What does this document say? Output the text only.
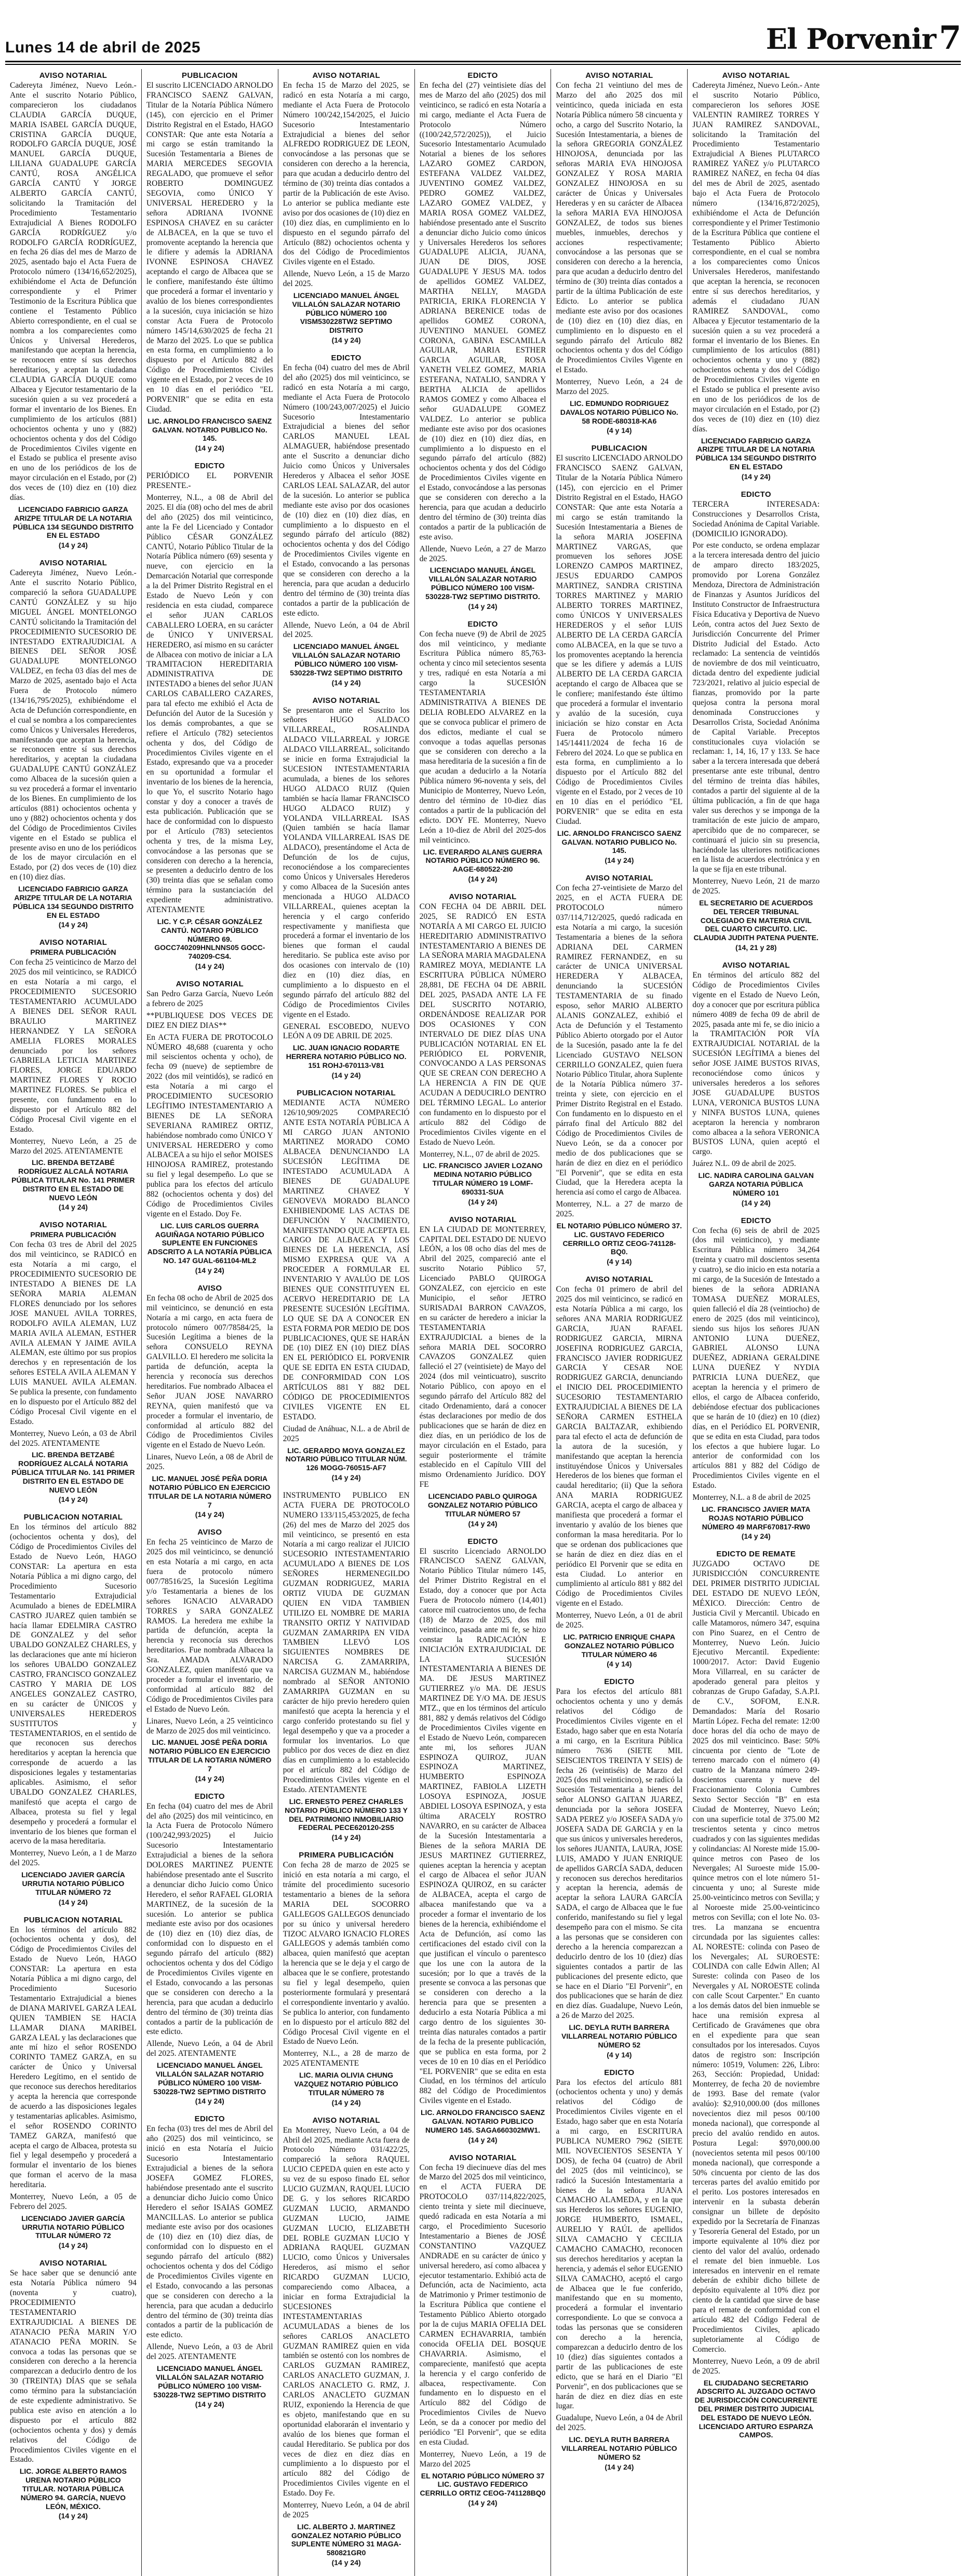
Lunes 14 de abril de 2025	El Porvenir7
AVISO NOTARIAL

Cadereyta Jiménez, Nuevo León.- Ante el suscrito Notario Público, comparecieron los ciudadanos CLAUDIA GARCÍA DUQUE, MARIA ISABEL GARCÍA DUQUE, CRISTINA GARCÍA DUQUE, RODOLFO GARCÍA DUQUE, JOSÉ MANUEL GARCÍA DUQUE, LILIANA GUADALUPE GARCÍA CANTÚ, ROSA ANGÉLICA GARCÍA CANTÚ Y JORGE ALBERTO GARCÍA CANTÚ, solicitando la Tramitación del Procedimiento Testamentario Extrajudicial A Bienes RODOLFO GARCÍA RODRÍGUEZ y/o RODOLFO GARCÍA RODRÍGUEZ, en fecha 26 días del mes de Marzo de 2025, asentado bajo el Acta Fuera de Protocolo número (134/16,652/2025), exhibiéndome el Acta de Defunción correspondiente y el Primer Testimonio de la Escritura Pública que contiene el Testamento Público Abierto correspondiente, en el cual se nombra a los comparecientes como Únicos y Universal Herederos, manifestando que aceptan la herencia, se reconocen entre sí sus derechos hereditarios, y aceptan la ciudadana CLAUDIA GARCÍA DUQUE como Albacea y Ejecutor testamentario de la sucesión quien a su vez procederá a formar el inventario de los Bienes. En cumplimiento de los artículos (881) ochocientos ochenta y uno y (882) ochocientos ochenta y dos del Código de Procedimientos Civiles vigente en el Estado se publica el presente aviso en uno de los periódicos de los de mayor circulación en el Estado, por (2) dos veces de (10) diez en (10) diez días.

LICENCIADO FABRICIO GARZA ARIZPE TITULAR DE LA NOTARIA PÚBLICA 134 SEGUNDO DISTRITO EN EL ESTADO
(14 y 24)
AVISO NOTARIAL

Cadereyta Jiménez, Nuevo León.- Ante el suscrito Notario Público, compareció la señora GUADALUPE CANTÚ GONZÁLEZ y su hijo MIGUEL ÁNGEL MONTELONGO CANTÚ solicitando la Tramitación del PROCEDIMIENTO SUCESORIO DE INTESTADO EXTRAJUDICIAL A BIENES DEL SEÑOR JOSÉ GUADALUPE MONTELONGO VALDEZ, en fecha 03 días del mes de Marzo de 2025, asentado bajo el Acta Fuera de Protocolo número (134/16,795/2025), exhibiéndome el Acta de Defunción correspondiente, en el cual se nombra a los comparecientes como Únicos y Universales Herederos, manifestando que aceptan la herencia, se reconocen entre sí sus derechos hereditarios, y aceptan la ciudadana GUADALUPE CANTÚ GONZÁLEZ como Albacea de la sucesión quien a su vez procederá a formar el inventario de los Bienes. En cumplimiento de los artículos (881) ochocientos ochenta y uno y (882) ochocientos ochenta y dos del Código de Procedimientos Civiles vigente en el Estado se publica el presente aviso en uno de los periódicos de los de mayor circulación en el Estado, por (2) dos veces de (10) diez en (10) diez días.

LICENCIADO FABRICIO GARZA ARIZPE TITULAR DE LA NOTARIA PÚBLICA 134 SEGUNDO DISTRITO EN EL ESTADO
(14 y 24)
AVISO NOTARIAL
PRIMERA PUBLICACIÓN

Con fecha 25 veinticinco de Marzo del 2025 dos mil veinticinco, se RADICÓ en esta Notaría a mi cargo, el PROCEDIMIENTO SUCESORIO TESTAMENTARIO ACUMULADO A BIENES DEL SEÑOR RAUL BRAULIO MARTINEZ HERNANDEZ Y LA SEÑORA AMELIA FLORES MORALES denunciado por los señores GABRIELA LETICIA MARTINEZ FLORES, JORGE EDUARDO MARTINEZ FLORES Y ROCIO MARTINEZ FLORES. Se publica el presente, con fundamento en lo dispuesto por el Artículo 882 del Código Procesal Civil vigente en el Estado.

Monterrey, Nuevo León, a 25 de Marzo del 2025. ATENTAMENTE

LIC. BRENDA BETZABÉ RODRÍGUEZ ALCALÁ NOTARIA PÚBLICA TITULAR No. 141 PRIMER DISTRITO EN EL ESTADO DE NUEVO LEÓN
(14 y 24)
AVISO NOTARIAL
PRIMERA PUBLICACIÓN

Con fecha 03 tres de Abril del 2025 dos mil veinticinco, se RADICÓ en esta Notaría a mi cargo, el PROCEDIMIENTO SUCESORIO DE INTESTADO A BIENES DE LA SEÑORA MARIA ALEMAN FLORES denunciado por los señores JOSE MANUEL AVILA TORRES, RODOLFO AVILA ALEMAN, LUZ MARIA AVILA ALEMAN, ESTHER AVILA ALEMAN Y JAIME AVILA ALEMAN, este último por sus propios derechos y en representación de los señores ESTELA AVILA ALEMAN Y LUIS MANUEL AVILA ALEMAN. Se publica la presente, con fundamento en lo dispuesto por el Artículo 882 del Código Procesal Civil vigente en el Estado.

Monterrey, Nuevo León, a 03 de Abril del 2025. ATENTAMENTE

LIC. BRENDA BETZABÉ RODRÍGUEZ ALCALÁ NOTARIA PÚBLICA TITULAR No. 141 PRIMER DISTRITO EN EL ESTADO DE NUEVO LEÓN
(14 y 24)
PUBLICACION NOTARIAL

En los términos del artículo 882 (ochocientos ochenta y dos), del Código de Procedimientos Civiles del Estado de Nuevo León, HAGO CONSTAR: La apertura en esta Notaría Pública a mi digno cargo, del Procedimiento Sucesorio Testamentario Extrajudicial Acumulado a bienes de EDELMIRA CASTRO JUAREZ quien también se hacía llamar EDELMIRA CASTRO DE GONZALEZ y del señor UBALDO GONZALEZ CHARLES, y las declaraciones que ante mí hicieron los señores UBALDO GONZALEZ CASTRO, FRANCISCO GONZALEZ CASTRO Y MARIA DE LOS ANGELES GONZALEZ CASTRO, en su carácter de ÚNICOS y UNIVERSALES HEREDEROS SUSTITUTOS y TESTAMENTARIOS, en el sentido de que reconocen sus derechos hereditarios y aceptan la herencia que corresponde de acuerdo a las disposiciones legales y testamentarias aplicables. Asimismo, el señor UBALDO GONZALEZ CHARLES, manifestó que acepta el cargo de Albacea, protesta su fiel y legal desempeño y procederá a formular el inventario de los bienes que forman el acervo de la masa hereditaria.

Monterrey, Nuevo León, a 1 de Marzo del 2025.

LICENCIADO JAVIER GARCÍA URRUTIA NOTARIO PÚBLICO TITULAR NÚMERO 72
(14 y 24)
PUBLICACION NOTARIAL

En los términos del artículo 882 (ochocientos ochenta y dos), del Código de Procedimientos Civiles del Estado de Nuevo León, HAGO CONSTAR: La apertura en esta Notaría Pública a mi digno cargo, del Procedimiento Sucesorio Testamentario Extrajudicial a bienes de DIANA MARIVEL GARZA LEAL QUIEN TAMBIEN SE HACIA LLAMAR DIANA MARIBEL GARZA LEAL y las declaraciones que ante mí hizo el señor ROSENDO CORINTO TAMEZ GARZA, en su carácter de Único y Universal Heredero Legítimo, en el sentido de que reconoce sus derechos hereditarios y acepta la herencia que corresponde de acuerdo a las disposiciones legales y testamentarias aplicables. Asimismo, el señor ROSENDO CORINTO TAMEZ GARZA, manifestó que acepta el cargo de Albacea, protesta su fiel y legal desempeño y procederá a formular el inventario de los bienes que forman el acervo de la masa hereditaria.

Monterrey, Nuevo León, a 05 de Febrero del 2025.

LICENCIADO JAVIER GARCÍA URRUTIA NOTARIO PÚBLICO TITULAR NÚMERO 72
(14 y 24)
AVISO NOTARIAL

Se hace saber que se denunció ante esta Notaría Pública número 94 (noventa y cuatro), PROCEDIMIENTO TESTAMENTARIO EXTRAJUDICIAL A BIENES DE ATANACIO PEÑA MARIN Y/O ATANACIO PEÑA MORIN. Se convoca a todas las personas que se consideren con derecho a la herencia comparezcan a deducirlo dentro de los 30 (TREINTA) DÍAS que se señala como término para la substanciación de este expediente administrativo. Se publica este aviso en atención a lo dispuesto por el artículo 882 (ochocientos ochenta y dos) y demás relativos del Código de Procedimientos Civiles vigente en el Estado.

LIC. JORGE ALBERTO RAMOS URENA NOTARIO PÚBLICO TITULAR. NOTARIA PÚBLICA NÚMERO 94. GARCÍA, NUEVO LEÓN, MÉXICO.
(14 y 24)
PUBLICACION

El suscrito LICENCIADO ARNOLDO FRANCISCO SAENZ GALVAN, Titular de la Notaría Pública Número (145), con ejercicio en el Primer Distrito Registral en el Estado, HAGO CONSTAR: Que ante esta Notaría a mi cargo se están tramitando la Sucesión Testamentaria a Bienes de MARIA MERCEDES SEGOVIA REGALADO, que promueve el señor ROBERTO DOMINGUEZ SEGOVIA, como ÚNICO Y UNIVERSAL HEREDERO y la señora ADRIANA IVONNE ESPINOSA CHAVEZ en su carácter de ALBACEA, en la que se tuvo el promovente aceptando la herencia que le difiere y además la ADRIANA IVONNE ESPINOSA CHAVEZ aceptando el cargo de Albacea que se le confiere, manifestando éste último que procederá a formar el inventario y avalúo de los bienes correspondientes a la sucesión, cuya iniciación se hizo constar Acta Fuera de Protocolo número 145/14,630/2025 de fecha 21 de Marzo del 2025. Lo que se publica en esta forma, en cumplimiento a lo dispuesto por el Artículo 882 del Código de Procedimientos Civiles vigente en el Estado, por 2 veces de 10 en 10 días en el periódico "EL PORVENIR" que se edita en esta Ciudad.

LIC. ARNOLDO FRANCISCO SAENZ GALVAN. NOTARIO PUBLICO No. 145.
(14 y 24)
EDICTO

PERIÓDICO EL PORVENIR PRESENTE.-

Monterrey, N.L., a 08 de Abril del 2025. El día (08) ocho del mes de abril del año (2025) dos mil veinticinco, ante la Fe del Licenciado y Contador Público CÉSAR GONZÁLEZ CANTÚ, Notario Público Titular de la Notaría Pública número (69) sesenta y nueve, con ejercicio en la Demarcación Notarial que corresponde a la del Primer Distrito Registral en el Estado de Nuevo León y con residencia en esta ciudad, comparece el señor JUAN CARLOS CABALLERO LOERA, en su carácter de ÚNICO Y UNIVERSAL HEREDERO, así mismo en su carácter de Albacea con motivo de iniciar a LA TRAMITACION HEREDITARIA ADMINISTRATIVA DE INTESTADO a bienes del señor JUAN CARLOS CABALLERO CAZARES, para tal efecto me exhibió el Acta de Defunción del Autor de la Sucesión y los demás comprobantes, a que se refiere el Artículo (782) setecientos ochenta y dos, del Código de Procedimientos Civiles vigente en el Estado, expresando que va a proceder en su oportunidad a formular el inventario de los bienes de la herencia, lo que Yo, el suscrito Notario hago constar y doy a conocer a través de esta publicación. Publicación que se hace de conformidad con lo dispuesto por el Artículo (783) setecientos ochenta y tres, de la misma Ley, convocándose a las personas que se consideren con derecho a la herencia, se presenten a deducirlo dentro de los (30) treinta días que se señalan como término para la sustanciación del expediente administrativo. ATENTAMENTE

LIC. Y C.P. CÉSAR GONZÁLEZ CANTÚ. NOTARIO PÚBLICO NÚMERO 69. GOCC740209HNLNNS05 GOCC-740209-CS4.
(14 y 24)
AVISO NOTARIAL

San Pedro Garza García, Nuevo León a febrero de 2025

**PUBLIQUESE DOS VECES DE DIEZ EN DIEZ DIAS**

En ACTA FUERA DE PROTOCOLO NÚMERO 48,688 (cuarenta y ocho mil seiscientos ochenta y ocho), de fecha 09 (nueve) de septiembre de 2022 (dos mil veintidós), se radicó en esta Notaría a mi cargo el PROCEDIMIENTO SUCESORIO LEGÍTIMO INTESTAMENTARIO A BIENES DE LA SEÑORA SEVERIANA RAMIREZ ORTIZ, habiéndose nombrado como ÚNICO Y UNIVERSAL HEREDERO y como ALBACEA a su hijo el señor MOISES HINOJOSA RAMIREZ, protestando su fiel y legal desempeño. Lo que se publica para los efectos del artículo 882 (ochocientos ochenta y dos) del Código de Procedimientos Civiles vigente en el Estado. Doy Fe.

LIC. LUIS CARLOS GUERRA AGUIÑAGA NOTARIO PÚBLICO SUPLENTE EN FUNCIONES ADSCRITO A LA NOTARÍA PÚBLICA NO. 147 GUAL-661104-ML2
(14 y 24)
AVISO

En fecha 08 ocho de Abril de 2025 dos mil veinticinco, se denunció en esta Notaría a mi cargo, en acta fuera de protocolo número 007/78584/25, la Sucesión Legítima a bienes de la señora CONSUELO REYNA GALVILLO. El heredero me solicita la partida de defunción, acepta la herencia y reconocía sus derechos hereditarios. Fue nombrado Albacea el Señor JUAN JOSE NAVARRO REYNA, quien manifestó que va proceder a formular el inventario, de conformidad al artículo 882 del Código de Procedimientos Civiles vigente en el Estado de Nuevo León.

Linares, Nuevo León, a 08 de Abril de 2025.

LIC. MANUEL JOSÉ PEÑA DORIA NOTARIO PÚBLICO EN EJERCICIO TITULAR DE LA NOTARIA NÚMERO 7
(14 y 24)
AVISO

En fecha 25 veinticinco de Marzo de 2025 dos mil veinticinco, se denunció en esta Notaría a mi cargo, en acta fuera de protocolo número 007/78516/25, la Sucesión Legítima y/o Testamentaria a bienes de los señores IGNACIO ALVARADO TORRES y SARA GONZALEZ RAMOS. La heredera me exhibe la partida de defunción, acepta la herencia y reconocía sus derechos hereditarios. Fue nombrada Albacea la Sra. AMADA ALVARADO GONZALEZ, quien manifestó que va proceder a formular el inventario, de conformidad al artículo 882 del Código de Procedimientos Civiles para el Estado de Nuevo León.

Linares, Nuevo León, a 25 veinticinco de Marzo de 2025 dos mil veinticinco.

LIC. MANUEL JOSÉ PEÑA DORIA NOTARIO PÚBLICO EN EJERCICIO TITULAR DE LA NOTARIA NÚMERO 7
(14 y 24)
EDICTO

En fecha (04) cuatro del mes de Abril del año (2025) dos mil veinticinco, en la Acta Fuera de Protocolo Número (100/242,993/2025) el Juicio Sucesorio Intestamentario Extrajudicial a bienes de la señora DOLORES MARTINEZ PUENTE habiéndose presentado ante el Suscrito a denunciar dicho Juicio como Único Heredero, el señor RAFAEL GLORIA MARTINEZ, de la sucesión de la sucesión. Lo anterior se publica mediante este aviso por dos ocasiones de (10) diez en (10) diez días, de conformidad con lo dispuesto en el segundo párrafo del artículo (882) ochocientos ochenta y dos del Código de Procedimientos Civiles vigente en el Estado, convocando a las personas que se consideren con derecho a la herencia, para que acudan a deducirlo dentro del término de (30) treinta días contados a partir de la publicación de este edicto.

Allende, Nuevo León, a 04 de Abril del 2025. ATENTAMENTE

LICENCIADO MANUEL ÁNGEL VILLALÓN SALAZAR NOTARIO PÚBLICO NÚMERO 100 VISM-530228-TW2 SEPTIMO DISTRITO
(14 y 24)
EDICTO

En fecha (03) tres del mes de Abril del año (2025) dos mil veinticinco, se inició en esta Notaría el Juicio Sucesorio Intestamentario Extrajudicial a bienes de la señora JOSEFA GOMEZ FLORES, habiéndose presentado ante el suscrito a denunciar dicho Juicio como Único Heredero el señor ISAIAS GOMEZ MANCILLAS. Lo anterior se publica mediante este aviso por dos ocasiones de (10) diez en (10) diez días, de conformidad con lo dispuesto en el segundo párrafo del artículo (882) ochocientos ochenta y dos del Código de Procedimientos Civiles vigente en el Estado, convocando a las personas que se consideren con derecho a la herencia, para que acudan a deducirlo dentro del término de (30) treinta días contados a partir de la publicación de este edicto.

Allende, Nuevo León, a 03 de Abril del 2025. ATENTAMENTE

LICENCIADO MANUEL ÁNGEL VILLALÓN SALAZAR NOTARIO PÚBLICO NÚMERO 100 VISM-530228-TW2 SEPTIMO DISTRITO
(14 y 24)
AVISO NOTARIAL

En fecha 15 de Marzo del 2025, se radicó en esta Notaría a mi cargo, mediante el Acta Fuera de Protocolo Número 100/242,154/2025, el Juicio Sucesorio Intestamentario Extrajudicial a bienes del señor ALFREDO RODRIGUEZ DE LEON, convocándose a las personas que se consideren con derecho a la herencia, para que acudan a deducirlo dentro del término de (30) treinta días contados a partir de la Publicación de este Aviso. Lo anterior se publica mediante este aviso por dos ocasiones de (10) diez en (10) diez días, en cumplimiento en lo dispuesto en el segundo párrafo del Artículo (882) ochocientos ochenta y dos del Código de Procedimientos Civiles vigente en el Estado.

Allende, Nuevo León, a 15 de Marzo del 2025.

LICENCIADO MANUEL ÁNGEL VILLALÓN SALAZAR NOTARIO PÚBLICO NÚMERO 100 VISM530228TW2 SEPTIMO DISTRITO
(14 y 24)
EDICTO

En fecha (04) cuatro del mes de Abril del año (2025) dos mil veinticinco, se radicó en esta Notaría a mi cargo, mediante el Acta Fuera de Protocolo Número (100/243,007/2025) el Juicio Sucesorio Intestamentario Extrajudicial a bienes del señor CARLOS MANUEL LEAL ALMAGUER, habiéndose presentado ante el Suscrito a denunciar dicho Juicio como Únicos y Universales Herederos y Albacea el señor JOSE CARLOS LEAL SALAZAR, del autor de la sucesión. Lo anterior se publica mediante este aviso por dos ocasiones de (10) diez en (10) diez días, en cumplimiento a lo dispuesto en el segundo párrafo del artículo (882) ochocientos ochenta y dos del Código de Procedimientos Civiles vigente en el Estado, convocando a las personas que se consideren con derecho a la herencia, para que acudan a deducirlo dentro del término de (30) treinta días contados a partir de la publicación de este edicto.

Allende, Nuevo León, a 04 de Abril del 2025.

LICENCIADO MANUEL ÁNGEL VILLALÓN SALAZAR NOTARIO PÚBLICO NÚMERO 100 VISM-530228-TW2 SEPTIMO DISTRITO
(14 y 24)
AVISO NOTARIAL

Se presentaron ante el Suscrito los señores HUGO ALDACO VILLARREAL, ROSALINDA ALDACO VILLARREAL y JORGE ALDACO VILLARREAL, solicitando se inicie en forma Extrajudicial la SUCESION INTESTAMENTARIA acumulada, a bienes de los señores HUGO ALDACO RUIZ (Quien también se hacía llamar FRANCISCO HUGO ALDACO RUIZ) y YOLANDA VILLARREAL ISAS (Quien también se hacía llamar YOLANDA VILLARREAL ISAS DE ALDACO), presentándome el Acta de Defunción de los de cujus, reconociéndose a los comparecientes como Únicos y Universales Herederos y como Albacea de la Sucesión antes mencionada a HUGO ALDACO VILLARREAL, quienes aceptan la herencia y el cargo conferido respectivamente y manifiesta que procederá a formar el inventario de los bienes que forman el caudal hereditario. Se publica este aviso por dos ocasiones con intervalo de (10) diez en (10) diez días, en cumplimiento a lo dispuesto en el segundo párrafo del artículo 882 del Código de Procedimientos Civiles vigente en el Estado.

GENERAL ESCOBEDO, NUEVO LEÓN A 09 DE ABRIL DE 2025.

LIC. JUAN IGNACIO RODARTE HERRERA NOTARIO PÚBLICO NO. 151 ROHJ-670113-V81
(14 y 24)
PUBLICACION NOTARIAL

MEDIANTE ACTA NÚMERO 126/10,909/2025 COMPARECIÓ ANTE ESTA NOTARÍA PÚBLICA A MI CARGO JUAN ANTONIO MARTINEZ MORADO COMO ALBACEA DENUNCIANDO LA SUCESIÓN LEGÍTIMA DE INTESTADO ACUMULADA A BIENES DE GUADALUPE MARTINEZ CHAVEZ Y GENOVEVA MORADO BLANCO EXHIBIENDOME LAS ACTAS DE DEFUNCIÓN Y NACIMIENTO, MANIFESTANDO QUE ACEPTA EL CARGO DE ALBACEA Y LOS BIENES DE LA HERENCIA, ASÍ MISMO EXPRESA QUE VA A PROCEDER A FORMULAR EL INVENTARIO Y AVALÚO DE LOS BIENES QUE CONSTITUYEN EL ACERVO HEREDITARIO DE LA PRESENTE SUCESIÓN LEGÍTIMA. LO QUE SE DA A CONOCER EN ESTA FORMA POR MEDIO DE DOS PUBLICACIONES, QUE SE HARÁN DE (10) DIEZ EN (10) DIEZ DÍAS EN EL PERIÓDICO EL PORVENIR QUE SE EDITA EN ESTA CIUDAD, DE CONFORMIDAD CON LOS ARTÍCULOS 881 Y 882 DEL CÓDIGO DE PROCEDIMIENTOS CIVILES VIGENTE EN EL ESTADO.

Ciudad de Anáhuac, N.L. a de Abril de 2025

LIC. GERARDO MOYA GONZALEZ NOTARIO PÚBLICO TITULAR NÚM. 126 MOGG-760515-AF7
(14 y 24)

INSTRUMENTO PUBLICO EN ACTA FUERA DE PROTOCOLO NUMERO 133/115,453/2025, de fecha (26) del mes de Marzo del 2025 dos mil veinticinco, se presentó en esta Notaría a mi cargo realizar el JUICIO SUCESORIO INTESTAMENTARIO ACUMULADO A BIENES DE LOS SEÑORES HERMENEGILDO GUZMAN RODRIGUEZ, MARIA ORTIZ VIUDA DE GUZMAN QUIEN EN VIDA TAMBIEN UTILIZO EL NOMBRE DE MARIA TRANSITO ORTIZ Y NATIVIDAD GUZMAN ZAMARRIPA EN VIDA TAMBIEN LLEVÓ LOS SIGUIENTES NOMBRES DE NARCISA G. ZAMARRIPA, NARCISA GUZMAN M., habiéndose nombrado al SEÑOR ANTONIO ZAMARRIPA GUZMAN en su carácter de hijo previo heredero quien manifestó que acepta la herencia y el cargo conferido protestando su fiel y legal desempeño y que va a proceder a formular los inventarios. Lo que publico por dos veces de diez en diez días en cumplimiento a lo establecido por el artículo 882 del Código de Procedimientos Civiles vigente en el Estado. ATENTAMENTE

LIC. ERNESTO PEREZ CHARLES NOTARIO PÚBLICO NÚMERO 133 Y DEL PATRIMONIO INMOBILIARIO FEDERAL PECE620120-2S5
(14 y 24)
PRIMERA PUBLICACIÓN

Con fecha 28 de marzo de 2025 se inició en esta notaría a mi cargo, el trámite del procedimiento sucesorio testamentario a bienes de la señora MARIA DEL SOCORRO GALLEGOS GALLEGOS denunciado por su único y universal heredero TIZOC ALVARO IGNACIO FLORES GALLEGOS y además también como albacea, quien manifestó que aceptan la herencia que se le deja y el cargo de albacea que le se confiere, protestando su fiel y legal desempeño, quien posteriormente formulará y presentará el correspondiente inventario y avalúo. Se publica lo anterior, con fundamento en lo dispuesto por el artículo 882 del Código Procesal Civil vigente en el Estado de Nuevo León.

Monterrey, N.L., a 28 de marzo de 2025 ATENTAMENTE

LIC. MARIA OLIVIA CHUNG VAZQUEZ NOTARIO PÚBLICO TITULAR NÚMERO 78
(14 y 24)
AVISO NOTARIAL

En Monterrey, Nuevo León, a 04 de Abril del 2025, mediante Acta fuera de Protocolo Número 031/422/25, compareció la señora RAQUEL LUCIO CEPEDA quien en este acto y su vez de su esposo finado EL señor LUCIO GUZMAN, RAQUEL LUCIO DE G. y los señores RICARDO GUZMAN LUCIO, ARMANDO GUZMAN LUCIO, JAIME GUZMAN LUCIO, ELIZABETH DEL ROBLE GUZMAN LUCIO Y ADRIANA RAQUEL GUZMAN LUCIO, como Únicos y Universales Herederos, así mismo el señor RICARDO GUZMAN LUCIO, compareciendo como Albacea, a iniciar en forma Extrajudicial la SUCESIONES INTESTAMENTARIAS ACUMULADAS a bienes de los señores CARLOS ANACLETO GUZMAN RAMIREZ quien en vida también se ostentó con los nombres de CARLOS GUZMAN RAMIREZ, CARLOS ANACLETO GUZMAN, J. CARLOS ANACLETO G. RMZ, J. CARLOS ANACLETO GUZMAN RUIZ, exponiendo la Herencia de que es objeto, manifestando que en su oportunidad elaborarán el inventario y avalúo de los bienes que forman el caudal Hereditario. Se publica por dos veces de diez en diez días en cumplimiento a lo dispuesto por el artículo 882 del Código de Procedimientos Civiles vigente en el Estado. Doy Fe.

Monterrey, Nuevo León, a 04 de abril de 2025

LIC. ALBERTO J. MARTINEZ GONZALEZ NOTARIO PÚBLICO SUPLENTE NÚMERO 31 MAGA-580821GR0
(14 y 24)
EDICTO

En fecha del (27) veintisiete días del mes de Marzo del año (2025) dos mil veinticinco, se radicó en esta Notaría a mi cargo, mediante el Acta Fuera de Protocolo Número ((100/242,572/2025)), el Juicio Sucesorio Intestamentario Acumulado Notarial a bienes de los señores LAZARO GOMEZ CARDON, ESTEFANA VALDEZ VALDEZ, JUVENTINO GOMEZ VALDEZ, PEDRO GOMEZ VALDEZ, LAZARO GOMEZ VALDEZ, y MARIA ROSA GOMEZ VALDEZ, habiéndose presentado ante el Suscrito a denunciar dicho Juicio como únicos y Universales Herederos los señores GUADALUPE ALICIA, JUANA, JUAN DE DIOS, JOSE GUADALUPE Y JESUS MA. todos de apellidos GOMEZ VALDEZ, MARTHA NELLY, MAGDA PATRICIA, ERIKA FLORENCIA Y ADRIANA BERENICE todas de apellidos GOMEZ CORONA, JUVENTINO MANUEL GOMEZ CORONA, GABINA ESCAMILLA AGUILAR, MARIA ESTHER GARCIA AGUILAR, ROSA YANETH VELEZ GOMEZ, MARIA ESTEFANA, NATALIO, SANDRA Y BERTHA ALICIA de apellidos RAMOS GOMEZ y como Albacea el señor GUADALUPE GOMEZ VALDEZ. Lo anterior se publica mediante este aviso por dos ocasiones de (10) diez en (10) diez días, en cumplimiento a lo dispuesto en el segundo párrafo del artículo (882) ochocientos ochenta y dos del Código de Procedimientos Civiles vigente en el Estado, convocándose a las personas que se consideren con derecho a la herencia, para que acudan a deducirlo dentro del término de (30) treinta días contados a partir de la publicación de este aviso.

Allende, Nuevo León, a 27 de Marzo de 2025.

LICENCIADO MANUEL ÁNGEL VILLALÓN SALAZAR NOTARIO PÚBLICO NÚMERO 100 VISM-530228-TW2 SEPTIMO DISTRITO.
(14 y 24)
EDICTO

Con fecha nueve (9) de Abril de 2025 dos mil veinticinco, y mediante Escritura Pública número 85,763-ochenta y cinco mil setecientos sesenta y tres, radiqué en esta Notaría a mi cargo la SUCESIÓN TESTAMENTARIA ADMINISTRATIVA A BIENES DE DELIA ROBLEDO ALVAREZ en la que se convoca publicar el primero de dos edictos, mediante el cual se convoque a todas aquellas personas que se consideren con derecho a la masa hereditaria de la sucesión a fin de que acudan a deducirlo a la Notaría Pública número 96-noventa y seis, del Municipio de Monterrey, Nuevo León, dentro del término de 10-diez días contados a partir de la publicación del edicto. DOY FE. Monterrey, Nuevo León a 10-diez de Abril del 2025-dos mil veinticinco.

LIC. EVERARDO ALANIS GUERRA NOTARIO PÚBLICO NÚMERO 96. AAGE-680522-2I0
(14 y 24)
AVISO NOTARIAL

CON FECHA 04 DE ABRIL DEL 2025, SE RADICÓ EN ESTA NOTARÍA A MI CARGO EL JUICIO HEREDITARIO ADMINISTRATIVO INTESTAMENTARIO A BIENES DE LA SEÑORA MARIA MAGDALENA RAMIREZ MOYA, MEDIANTE LA ESCRITURA PÚBLICA NÚMERO 28,881, DE FECHA 04 DE ABRIL DEL 2025, PASADA ANTE LA FE DEL SUSCRITO NOTARIO, ORDENÁNDOSE REALIZAR POR DOS OCASIONES Y CON INTERVALO DE DIEZ DÍAS UNA PUBLICACIÓN NOTARIAL EN EL PERIÓDICO EL PORVENIR, CONVOCANDO A LAS PERSONAS QUE SE CREAN CON DERECHO A LA HERENCIA A FIN DE QUE ACUDAN A DEDUCIRLO DENTRO DEL TÉRMINO LEGAL. Lo anterior con fundamento en lo dispuesto por el artículo 882 del Código de Procedimientos Civiles vigente en el Estado de Nuevo León.

Monterrey, N.L., 07 de abril de 2025.

LIC. FRANCISCO JAVIER LOZANO MEDINA NOTARIO PÚBLICO TITULAR NÚMERO 19 LOMF-690331-SUA
(14 y 24)
AVISO NOTARIAL

EN LA CIUDAD DE MONTERREY, CAPITAL DEL ESTADO DE NUEVO LEÓN, a los 08 ocho días del mes de Abril del 2025, compareció ante el suscrito Notario Público 57, Licenciado PABLO QUIROGA GONZALEZ, con ejercicio en este Municipio, el señor JETRO SURISADAI BARRON CAVAZOS, en su carácter de heredero a iniciar la TESTAMENTARIA EXTRAJUDICIAL a bienes de la señora MARIA DEL SOCORRO CAVAZOS GONZALEZ quien falleció el 27 (veintisiete) de Mayo del 2024 (dos mil veinticuatro), suscrito Notario Público, con apoyo en el segundo párrafo del Artículo 882 del citado Ordenamiento, dará a conocer éstas declaraciones por medio de dos publicaciones que se harán de diez en diez días, en un periódico de los de mayor circulación en el Estado, para seguir posteriormente el trámite establecido en el Capítulo VIII del mismo Ordenamiento Jurídico. DOY FE

LICENCIADO PABLO QUIROGA GONZALEZ NOTARIO PÚBLICO TITULAR NÚMERO 57
(14 y 24)
EDICTO

El suscrito Licenciado ARNOLDO FRANCISCO SAENZ GALVAN, Notario Público Titular número 145, del Primer Distrito Registral en el Estado, doy a conocer que por Acta Fuera de Protocolo número (14,401) catorce mil cuatrocientos uno, de fecha (18) de Marzo de 2025, dos mil veinticinco, pasada ante mi fe, se hizo constar la RADICACIÓN E INICIACIÓN EXTRAJUDICIAL DE LA SUCESIÓN INTESTAMENTARIA A BIENES DE MA. DE JESUS MARTINEZ GUTIERREZ y/o MA. DE JESUS MARTINEZ DE Y/O MA. DE JESUS MTZ., que en los términos del artículo 881, 882 y demás relativos del Código de Procedimientos Civiles vigente en el Estado de Nuevo León, comparecen ante mi, los señores JUAN ESPINOZA QUIROZ, JUAN ESPINOZA MARTINEZ, HUMBERTO ESPINOZA MARTINEZ, FABIOLA LIZETH LOSOYA ESPINOZA, JOSUE ABDIEL LOSOYA ESPINOZA, y esta última ARACELY ROSTRO NAVARRO, en su carácter de Albacea de la Sucesión Intestamentaria a Bienes de la señora MARIA DE JESUS MARTINEZ GUTIERREZ, quienes aceptan la herencia y aceptan el cargo de Albacea el señor JUAN ESPINOZA QUIROZ, en su carácter de ALBACEA, acepta el cargo de albacea manifestando que va a proceder a formar el inventario de los bienes de la herencia, exhibiéndome el Acta de Defunción, así como las certificaciones del estado civil con la que justifican el vínculo o parentesco que los une con la autora de la sucesión; por lo que a través de la presente se convoca a las personas que se consideren con derecho a la herencia para que se presenten a deducirlo a esta Notaría Pública a mi cargo dentro de los siguientes 30-treinta días naturales contados a partir de la fecha de la presente publicación, que se publica en esta forma, por 2 veces de 10 en 10 días en el Periódico "EL PORVENIR" que se edita en esta Ciudad, en los términos del artículo 882 del Código de Procedimientos Civiles vigente en el Estado.

LIC. ARNOLDO FRANCISCO SAENZ GALVAN. NOTARIO PUBLICO NUMERO 145. SAGA660302MW1.
(14 y 24)
AVISO NOTARIAL

Con fecha 19 diecinueve días del mes de Marzo del 2025 dos mil veinticinco, en el ACTA FUERA DE PROTOCOLO 037/114,822/2025, ciento treinta y siete mil diecinueve, quedó radicada en esta Notaría a mi cargo, el Procedimiento Sucesorio Intestamentario a Bienes de JOSÉ CONSTANTINO VAZQUEZ ANDRADE en su carácter de único y universal heredero, así como albacea y ejecutor testamentario. Exhibió acta de Defunción, acta de Nacimiento, acta de Matrimonio y Primer testimonio de la Escritura Pública que contiene el Testamento Público Abierto otorgado por la de cujus MARIA OFELIA DEL CARMEN ECHAVARRIA, también conocida OFELIA DEL BOSQUE CHAVARRIA. Asimismo, el compareciente, manifestó que acepta la herencia y el cargo conferido de albacea, respectivamente. Con fundamento en lo dispuesto en el Artículo 882 del Código de Procedimientos Civiles de Nuevo León, se da a conocer por medio del periódico "El Porvenir", que se edita en esta Ciudad.

Monterrey, Nuevo León, a 19 de Marzo del 2025

EL NOTARIO PÚBLICO NÚMERO 37 LIC. GUSTAVO FEDERICO CERRILLO ORTIZ CEOG-741128BQ0
(14 y 24)
AVISO NOTARIAL

Con fecha 21 veintiuno del mes de Marzo del año 2025 dos mil veinticinco, queda iniciada en esta Notaría Pública número 58 cincuenta y ocho, a cargo del Suscrito Notario, la Sucesión Intestamentaria, a bienes de la señora GREGORIA GONZÁLEZ HINOJOSA, denunciada por las señoras MARIA EVA HINOJOSA GONZALEZ Y ROSA MARIA GONZALEZ HINOJOSA en su carácter de Únicas y Universales Herederas y en su carácter de Albacea la señora MARIA EVA HINOJOSA GONZALEZ, de todos sus bienes muebles, inmuebles, derechos y acciones respectivamente; convocándose a las personas que se consideren con derecho a la herencia, para que acudan a deducirlo dentro del término de (30) treinta días contados a partir de la última Publicación de este Edicto. Lo anterior se publica mediante este aviso por dos ocasiones de (10) diez en (10) diez días, en cumplimiento en lo dispuesto en el segundo párrafo del Artículo 882 ochocientos ochenta y dos del Código de Procedimientos Civiles Vigente en el Estado.

Monterrey, Nuevo León, a 24 de Marzo del 2025.

LIC. EDMUNDO RODRIGUEZ DAVALOS NOTARIO PÚBLICO No. 58 RODE-680318-KA6
(4 y 14)
PUBLICACION

El suscrito LICENCIADO ARNOLDO FRANCISCO SAENZ GALVAN, Titular de la Notaría Pública Número (145), con ejercicio en el Primer Distrito Registral en el Estado, HAGO CONSTAR: Que ante esta Notaría a mi cargo se están tramitando la Sucesión Intestamentaria a Bienes de la señora MARIA JOSEFINA MARTINEZ VARGAS, que promueven los señores JOSE LORENZO CAMPOS MARTINEZ, JESUS EDUARDO CAMPOS MARTINEZ, SANDRA CRISTINA TORRES MARTINEZ y MARIO ALBERTO TORRES MARTINEZ, como ÚNICOS Y UNIVERSALES HEREDEROS y el señor LUIS ALBERTO DE LA CERDA GARCÍA como ALBACEA, en la que se tuvo a los promoventes aceptando la herencia que se les difiere y además a LUIS ALBERTO DE LA CERDA GARCIA aceptando el cargo de Albacea que se le confiere; manifestando éste último que procederá a formular el inventario y avalúo de la sucesión, cuya iniciación se hizo constar en Acta Fuera de Protocolo número 145/14411/2024 de fecha 16 de Febrero del 2024. Lo que se publica en esta forma, en cumplimiento a lo dispuesto por el Artículo 882 del Código de Procedimientos Civiles vigente en el Estado, por 2 veces de 10 en 10 días en el periódico "EL PORVENIR" que se edita en esta Ciudad.

LIC. ARNOLDO FRANCISCO SAENZ GALVAN. NOTARIO PUBLICO No. 145.
(14 y 24)
AVISO NOTARIAL

Con fecha 27-veintisiete de Marzo del 2025, en el ACTA FUERA DE PROTOCOLO número 037/114,712/2025, quedó radicada en esta Notaría a mi cargo, la sucesión Testamentaria a bienes de la señora ADRIANA DEL CARMEN RAMIREZ FERNANDEZ, en su carácter de UNICA UNIVERSAL HEREDERA Y ALBACEA, denunciando la SUCESIÓN TESTAMENTARIA de su finado esposo, señor MARIO ALBERTO ALANIS GONZALEZ, exhibió el Acta de Defunción y el Testamento Público Abierto otorgado por el Autor de la Sucesión, pasado ante la fe del Licenciado GUSTAVO NELSON CERRILLO GONZALEZ, quien fuera Notario Público Titular, ahora Suplente de la Notaría Pública número 37-treinta y siete, con ejercicio en el Primer Distrito Registral en el Estado. Con fundamento en lo dispuesto en el párrafo final del Artículo 882 del Código de Procedimientos Civiles de Nuevo León, se da a conocer por medio de dos publicaciones que se harán de diez en diez en el periódico "El Porvenir", que se edita en esta Ciudad, que la Heredera acepta la herencia así como el cargo de Albacea.

Monterrey, N.L. a 27 de marzo de 2025.

EL NOTARIO PÚBLICO NÚMERO 37. LIC. GUSTAVO FEDERICO CERRILLO ORTIZ CEOG-741128-BQ0.
(4 y 14)
AVISO NOTARIAL

Con fecha 01 primero de abril del 2025 dos mil veinticinco, se radicó en esta Notaría Pública a mi cargo, los señores ANA MARIA RODRIGUEZ GARCIA, JUAN RAFAEL RODRIGUEZ GARCIA, MIRNA JOSEFINA RODRIGUEZ GARCIA, FRANCISCO JAVIER RODRIGUEZ GARCIA Y CESAR NOE RODRIGUEZ GARCIA, denunciando el INICIO DEL PROCEDIMIENTO SUCESORIO TESTAMENTARIO EXTRAJUDICIAL A BIENES DE LA SEÑORA CARMEN ESTHELA GARCIA BALTAZAR, exhibiendo para tal efecto el acta de defunción de la autora de la sucesión, y manifestando que aceptan la herencia instituyéndose Únicos y Universales Herederos de los bienes que forman el caudal hereditario; (ii) Que la señora ANA MARIA RODRIGUEZ GARCIA, acepta el cargo de albacea y manifiesta que procederá a formar el inventario y avalúo de los bienes que conforman la masa hereditaria. Por lo que se ordenan dos publicaciones que se harán de diez en diez días en el periódico El Porvenir que se edita en esta Ciudad. Lo anterior en cumplimiento al artículo 881 y 882 del Código de Procedimientos Civiles vigente en el Estado.

Monterrey, Nuevo León, a 01 de abril de 2025.

LIC. PATRICIO ENRIQUE CHAPA GONZALEZ NOTARIO PÚBLICO TITULAR NÚMERO 46
(4 y 14)
EDICTO

Para los efectos del artículo 881 ochocientos ochenta y uno y demás relativos del Código de Procedimientos Civiles vigente en el Estado, hago saber que en esta Notaría a mi cargo, en la Escritura Pública número 7636 (SIETE MIL SEISCIENTOS TREINTA Y SEIS) de fecha 26 (veintiséis) de Marzo del 2025 (dos mil veinticinco), se radicó la Sucesión Testamentaria a bienes del señor ALONSO GAITAN JUAREZ, denunciada por la señora JOSEFA SADA PEREZ y/o JOSEFA SADA y/o JOSEFA SADA DE GARCIA y en la que sus únicos y universales herederos, los señores JUANITA, LAURA, JOSE LUIS, AMADO Y JUAN ENRIQUE de apellidos GARCÍA SADA, deducen y reconocen sus derechos hereditarios y aceptan la herencia, además de aceptar la señora LAURA GARCÍA SADA, el cargo de Albacea que le fue conferido, manifestando su fiel y legal desempeño para con el mismo. Se cita a las personas que se consideren con derecho a la herencia comparezcan a deducirlo dentro de los 10 (diez) días siguientes contados a partir de las publicaciones del presente edicto, que se hace en el Diario "El Porvenir", en dos publicaciones que se harán de diez en diez días. Guadalupe, Nuevo León, a 26 de Marzo del 2025.

LIC. DEYLA RUTH BARRERA VILLARREAL NOTARIO PÚBLICO NÚMERO 52
(4 y 14)
EDICTO

Para los efectos del artículo 881 (ochocientos ochenta y uno) y demás relativos del Código de Procedimientos Civiles vigente en el Estado, hago saber que en esta Notaría a mi cargo, en ESCRITURA PUBLICA NUMERO 7962 (SIETE MIL NOVECIENTOS SESENTA Y DOS), de fecha 04 (cuatro) de Abril del 2025 (dos mil veinticinco), se radicó la Sucesión Intestamentaria a bienes de la señora JUANA CAMACHO ALAMEDA, y en la que sus Herederos los señores EUGENIO, JORGE HUMBERTO, ISMAEL, AURELIO Y RAÚL de apellidos SILVA CAMACHO Y CECILIA CAMACHO CAMACHO, reconocen sus derechos hereditarios y aceptan la herencia, y además el señor EUGENIO SILVA CAMACHO, aceptó el cargo de Albacea que le fue conferido, manifestando que en su momento, procederá a formular el inventario correspondiente. Lo que se convoca a todas las personas que se consideren con derecho a la herencia, comparezcan a deducirlo dentro de los 10 (diez) días siguientes contados a partir de las publicaciones de este edicto, que se hará en el Diario "El Porvenir", en dos publicaciones que se harán de diez en diez días en este lugar.

Guadalupe, Nuevo León, a 04 de Abril del 2025.

LIC. DEYLA RUTH BARRERA VILLARREAL NOTARIO PÚBLICO NÚMERO 52
(14 y 24)
AVISO NOTARIAL

Cadereyta Jiménez, Nuevo León.- Ante el suscrito Notario Público, comparecieron los señores JOSE VALENTIN RAMIREZ TORRES Y JUAN RAMIREZ SANDOVAL, solicitando la Tramitación del Procedimiento Testamentario Extrajudicial A Bienes PLUTARCO RAMIREZ YAÑEZ y/o PLUTARCO RAMIREZ NAÑEZ, en fecha 04 días del mes de Abril de 2025, asentado bajo el Acta Fuera de Protocolo número (134/16,872/2025), exhibiéndome el Acta de Defunción correspondiente y el Primer Testimonio de la Escritura Pública que contiene el Testamento Público Abierto correspondiente, en el cual se nombra a los comparecientes como Únicos Universales Herederos, manifestando que aceptan la herencia, se reconocen entre sí sus derechos hereditarios, y además el ciudadano JUAN RAMIREZ SANDOVAL, como Albacea y Ejecutor testamentario de la sucesión quien a su vez procederá a formar el inventario de los Bienes. En cumplimiento de los artículos (881) ochocientos ochenta y uno y (882) ochocientos ochenta y dos del Código de Procedimientos Civiles vigente en el Estado se publica el presente aviso en uno de los periódicos de los de mayor circulación en el Estado, por (2) dos veces de (10) diez en (10) diez días.

LICENCIADO FABRICIO GARZA ARIZPE TITULAR DE LA NOTARIA PÚBLICA 134 SEGUNDO DISTRITO EN EL ESTADO
(14 y 24)
EDICTO

TERCERA INTERESADA: Construcciones y Desarrollos Crista, Sociedad Anónima de Capital Variable. (DOMICILIO IGNORADO).

Por este conducto, se ordena emplazar a la tercera interesada dentro del juicio de amparo directo 183/2025, promovido por Lorena González Mendoza, Directora de Administración de Finanzas y Asuntos Jurídicos del Instituto Constructor de Infraestructura Física Educativa y Deportiva de Nuevo León, contra actos del Juez Sexto de Jurisdicción Concurrente del Primer Distrito Judicial del Estado. Acto reclamado: La sentencia de veintidós de noviembre de dos mil veinticuatro, dictada dentro del expediente judicial 723/2021, relativo al juicio especial de fianzas, promovido por la parte quejosa contra la persona moral denominada Construcciones y Desarrollos Crista, Sociedad Anónima de Capital Variable. Preceptos constitucionales cuya violación se reclaman: 1, 14, 16, 17 y 133. Se hace saber a la tercera interesada que deberá presentarse ante este tribunal, dentro del término de treinta días hábiles, contados a partir del siguiente al de la última publicación, a fin de que haga valer sus derechos y se imponga de la tramitación de este juicio de amparo, apercibido que de no comparecer, se continuará el juicio sin su presencia, haciéndole las ulteriores notificaciones en la lista de acuerdos electrónica y en la que se fija en este tribunal.

Monterrey, Nuevo León, 21 de marzo de 2025.

EL SECRETARIO DE ACUERDOS DEL TERCER TRIBUNAL COLEGIADO EN MATERIA CIVIL DEL CUARTO CIRCUITO. LIC. CLAUDIA JUDITH PATENA PUENTE.
(14, 21 y 28)
AVISO NOTARIAL

En términos del artículo 882 del Código de Procedimientos Civiles vigente en el Estado de Nuevo León, doy a conocer que por escritura pública número 4089 de fecha 09 de abril de 2025, pasada ante mi fe, se dio inicio a la TRAMITACIÓN POR VÍA EXTRAJUDICIAL NOTARIAL de la SUCESIÓN LEGÍTIMA a bienes del señor JOSE JAIME BUSTOS RIVAS, reconociéndose como únicos y universales herederos a los señores JOSE GUADALUPE BUSTOS LUNA, VERONICA BUSTOS LUNA y NINFA BUSTOS LUNA, quienes aceptaron la herencia y nombraron como albacea a la señora VERONICA BUSTOS LUNA, quien aceptó el cargo.

Juárez N.L. 09 de abril de 2025.

LIC. NADIRA CAROLINA GALVAN GARZA NOTARIA PÚBLICA NÚMERO 101
(14 y 24)
EDICTO

Con fecha (6) seis de abril de 2025 (dos mil veinticinco), y mediante Escritura Pública número 34,264 (treinta y cuatro mil doscientos sesenta y cuatro), se dio inicio en esta notaría a mi cargo, de la Sucesión de Intestado a bienes de la señora ADRIANA TOMASA DUEÑEZ MORALES, quien falleció el día 28 (veintiocho) de enero de 2025 (dos mil veinticinco), siendo sus hijos los señores JUAN ANTONIO LUNA DUEÑEZ, GABRIEL ALONSO LUNA DUEÑEZ, ADRIANA GERALDINE LUNA DUEÑEZ Y NYDIA PATRICIA LUNA DUEÑEZ, que aceptan la herencia y el primero de ellos, el cargo de Albacea conferido, debiéndose efectuar dos publicaciones que se harán de 10 (diez) en 10 (diez) días, en el Periódico EL PORVENIR, que se edita en esta Ciudad, para todos los efectos a que hubiere lugar. Lo anterior de conformidad con los artículos 881 y 882 del Código de Procedimientos Civiles vigente en el Estado.

Monterrey, N.L. a 8 de abril de 2025

LIC. FRANCISCO JAVIER MATA ROJAS NOTARIO PÚBLICO NÚMERO 49 MARF670817-RW0
(14 y 24)
EDICTO DE REMATE

JUZGADO OCTAVO DE JURISDICCIÓN CONCURRENTE DEL PRIMER DISTRITO JUDICIAL DEL ESTADO DE NUEVO LEÓN, MÉXICO. Dirección: Centro de Justicia Civil y Mercantil. Ubicado en calle Matamoros, número 347, esquina con Pino Suarez, en el Centro de Monterrey, Nuevo León. Juicio Ejecutivo Mercantil. Expediente: 1000/2017. Actor: David Eugenio Mora Villarreal, en su carácter de apoderado general para pleitos y cobranzas de Grupo Gafaday, S.A.P.I. de C.V., SOFOM, E.N.R. Demandados: María del Rosario Martín López. Fecha del remate: 12:00 doce horas del día ocho de mayo de 2025 dos mil veinticinco. Base: 50% cincuenta por ciento de "Lote de terreno marcado con el número (4) cuatro de la Manzana número 249-doscientos cuarenta y nueve del Fraccionamiento Colonia Cumbres Sexto Sector Sección "B" en esta Ciudad de Monterrey, Nuevo León; con una superficie total de 375.00 M2 trescientos setenta y cinco metros cuadrados y con las siguientes medidas y colindancias: Al Noreste mide 15.00-quince metros con Paseo de los Nevergales; Al Suroeste mide 15.00- quince metros con el lote número 51-cincuenta y uno; al Sureste mide 25.00-veinticinco metros con Sevilla; y al Noroeste mide 25.00-veinticinco metros con Sevilla; con el lote No. 03-tres. La manzana se encuentra circundada por las siguientes calles: AL NORESTE: colinda con Paseo de los Nevergales; AL SUROESTE: COLINDA con calle Edwin Allen; Al Sureste: colinda con Paseo de los Nevergales y AL NOROESTE colinda con calle Scout Carpenter." En cuanto a los demás datos del bien inmueble se hace una remisión expresa al Certificado de Gravámenes que obra en el expediente para que sean consultados por los interesados. Cuyos datos de registro son: Inscripción número: 10519, Volumen: 226, Libro: 263, Sección: Propiedad, Unidad: Monterrey, de fecha 20 de noviembre de 1993. Base del remate (valor avalúo): $2,910,000.00 (dos millones novecientos diez mil pesos 00/100 moneda nacional), que corresponde al precio del avalúo rendido en autos. Postura Legal: $970,000.00 (novecientos setenta mil pesos 00/100 moneda nacional), que corresponde a 50% cincuenta por ciento de las dos terceras partes del avalúo emitido por el perito. Los postores interesados en intervenir en la subasta deberán consignar un billete de depósito expedido por la Secretaría de Finanzas y Tesorería General del Estado, por un importe equivalente al 10% diez por ciento del valor del avalúo, ordenado el remate del bien inmueble. Los interesados en intervenir en el remate deberán de exhibir dicho billete de depósito equivalente al 10% diez por ciento de la cantidad que sirve de base para el remate de conformidad con el artículo 482 del Código Federal de Procedimientos Civiles, aplicado supletoriamente al Código de Comercio.

Monterrey, Nuevo León, a 09 de abril de 2025.

EL CIUDADANO SECRETARIO ADSCRITO AL JUZGADO OCTAVO DE JURISDICCIÓN CONCURRENTE DEL PRIMER DISTRITO JUDICIAL DEL ESTADO DE NUEVO LEÓN. LICENCIADO ARTURO ESPARZA CAMPOS.
